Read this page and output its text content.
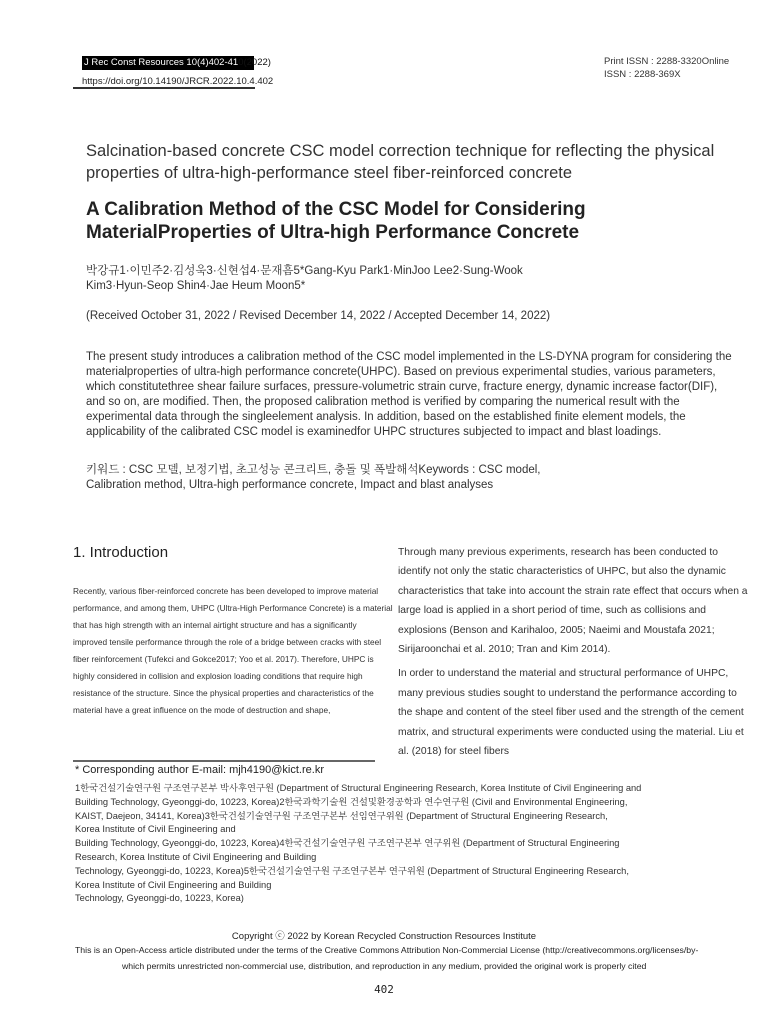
J Rec Const Resources 10(4)402-410(2022)
https://doi.org/10.14190/JRCR.2022.10.4.402
Print ISSN : 2288-3320Online
ISSN : 2288-369X
Salcination-based concrete CSC model correction technique for reflecting the physical properties of ultra-high-performance steel fiber-reinforced concrete
A Calibration Method of the CSC Model for Considering MaterialProperties of Ultra-high Performance Concrete
박강규1·이민주2·김성욱3·신현섭4·문재흠5*Gang-Kyu Park1·MinJoo Lee2·Sung-Wook Kim3·Hyun-Seop Shin4·Jae Heum Moon5*
(Received October 31, 2022 / Revised December 14, 2022 / Accepted December 14, 2022)
The present study introduces a calibration method of the CSC model implemented in the LS-DYNA program for considering the materialproperties of ultra-high performance concrete(UHPC). Based on previous experimental studies, various parameters, which constitutethree shear failure surfaces, pressure-volumetric strain curve, fracture energy, dynamic increase factor(DIF), and so on, are modified. Then, the proposed calibration method is verified by comparing the numerical result with the experimental data through the singleelement analysis. In addition, based on the established finite element models, the applicability of the calibrated CSC model is examinedfor UHPC structures subjected to impact and blast loadings.
키워드 : CSC 모델, 보정기법, 초고성능 콘크리트, 충돌 및 폭발해석Keywords : CSC model, Calibration method, Ultra-high performance concrete, Impact and blast analyses
1. Introduction
Recently, various fiber-reinforced concrete has been developed to improve material performance, and among them, UHPC (Ultra-High Performance Concrete) is a material that has high strength with an internal airtight structure and has a significantly improved tensile performance through the role of a bridge between cracks with steel fiber reinforcement (Tufekci and Gokce2017; Yoo et al. 2017). Therefore, UHPC is highly considered in collision and explosion loading conditions that require high resistance of the structure. Since the physical properties and characteristics of the material have a great influence on the mode of destruction and shape,

Through many previous experiments, research has been conducted to identify not only the static characteristics of UHPC, but also the dynamic characteristics that take into account the strain rate effect that occurs when a large load is applied in a short period of time, such as collisions and explosions (Benson and Karihaloo, 2005; Naeimi and Moustafa 2021; Sirijaroonchai et al. 2010; Tran and Kim 2014).

In order to understand the material and structural performance of UHPC, many previous studies sought to understand the performance according to the shape and content of the steel fiber used and the strength of the cement matrix, and structural experiments were conducted using the material. Liu et al. (2018) for steel fibers

* Corresponding author E-mail: mjh4190@kict.re.kr
1한국건설기술연구원 구조연구본부 박사후연구원 (Department of Structural Engineering Research, Korea Institute of Civil Engineering and
Building Technology, Gyeonggi-do, 10223, Korea)2한국과학기술원 건설및환경공학과 연수연구원 (Civil and Environmental Engineering,
KAIST, Daejeon, 34141, Korea)3한국건설기술연구원 구조연구본부 선임연구위원 (Department of Structural Engineering Research,
Korea Institute of Civil Engineering and
Building Technology, Gyeonggi-do, 10223, Korea)4한국건설기술연구원 구조연구본부 연구위원 (Department of Structural Engineering
Research, Korea Institute of Civil Engineering and Building
Technology, Gyeonggi-do, 10223, Korea)5한국건설기술연구원 구조연구본부 연구위원 (Department of Structural Engineering Research,
Korea Institute of Civil Engineering and Building
Technology, Gyeonggi-do, 10223, Korea)
Copyright ⓒ 2022 by Korean Recycled Construction Resources Institute
This is an Open-Access article distributed under the terms of the Creative Commons Attribution Non-Commercial License (http://creativecommons.org/licenses/by-
which permits unrestricted non-commercial use, distribution, and reproduction in any medium, provided the original work is properly cited
402
